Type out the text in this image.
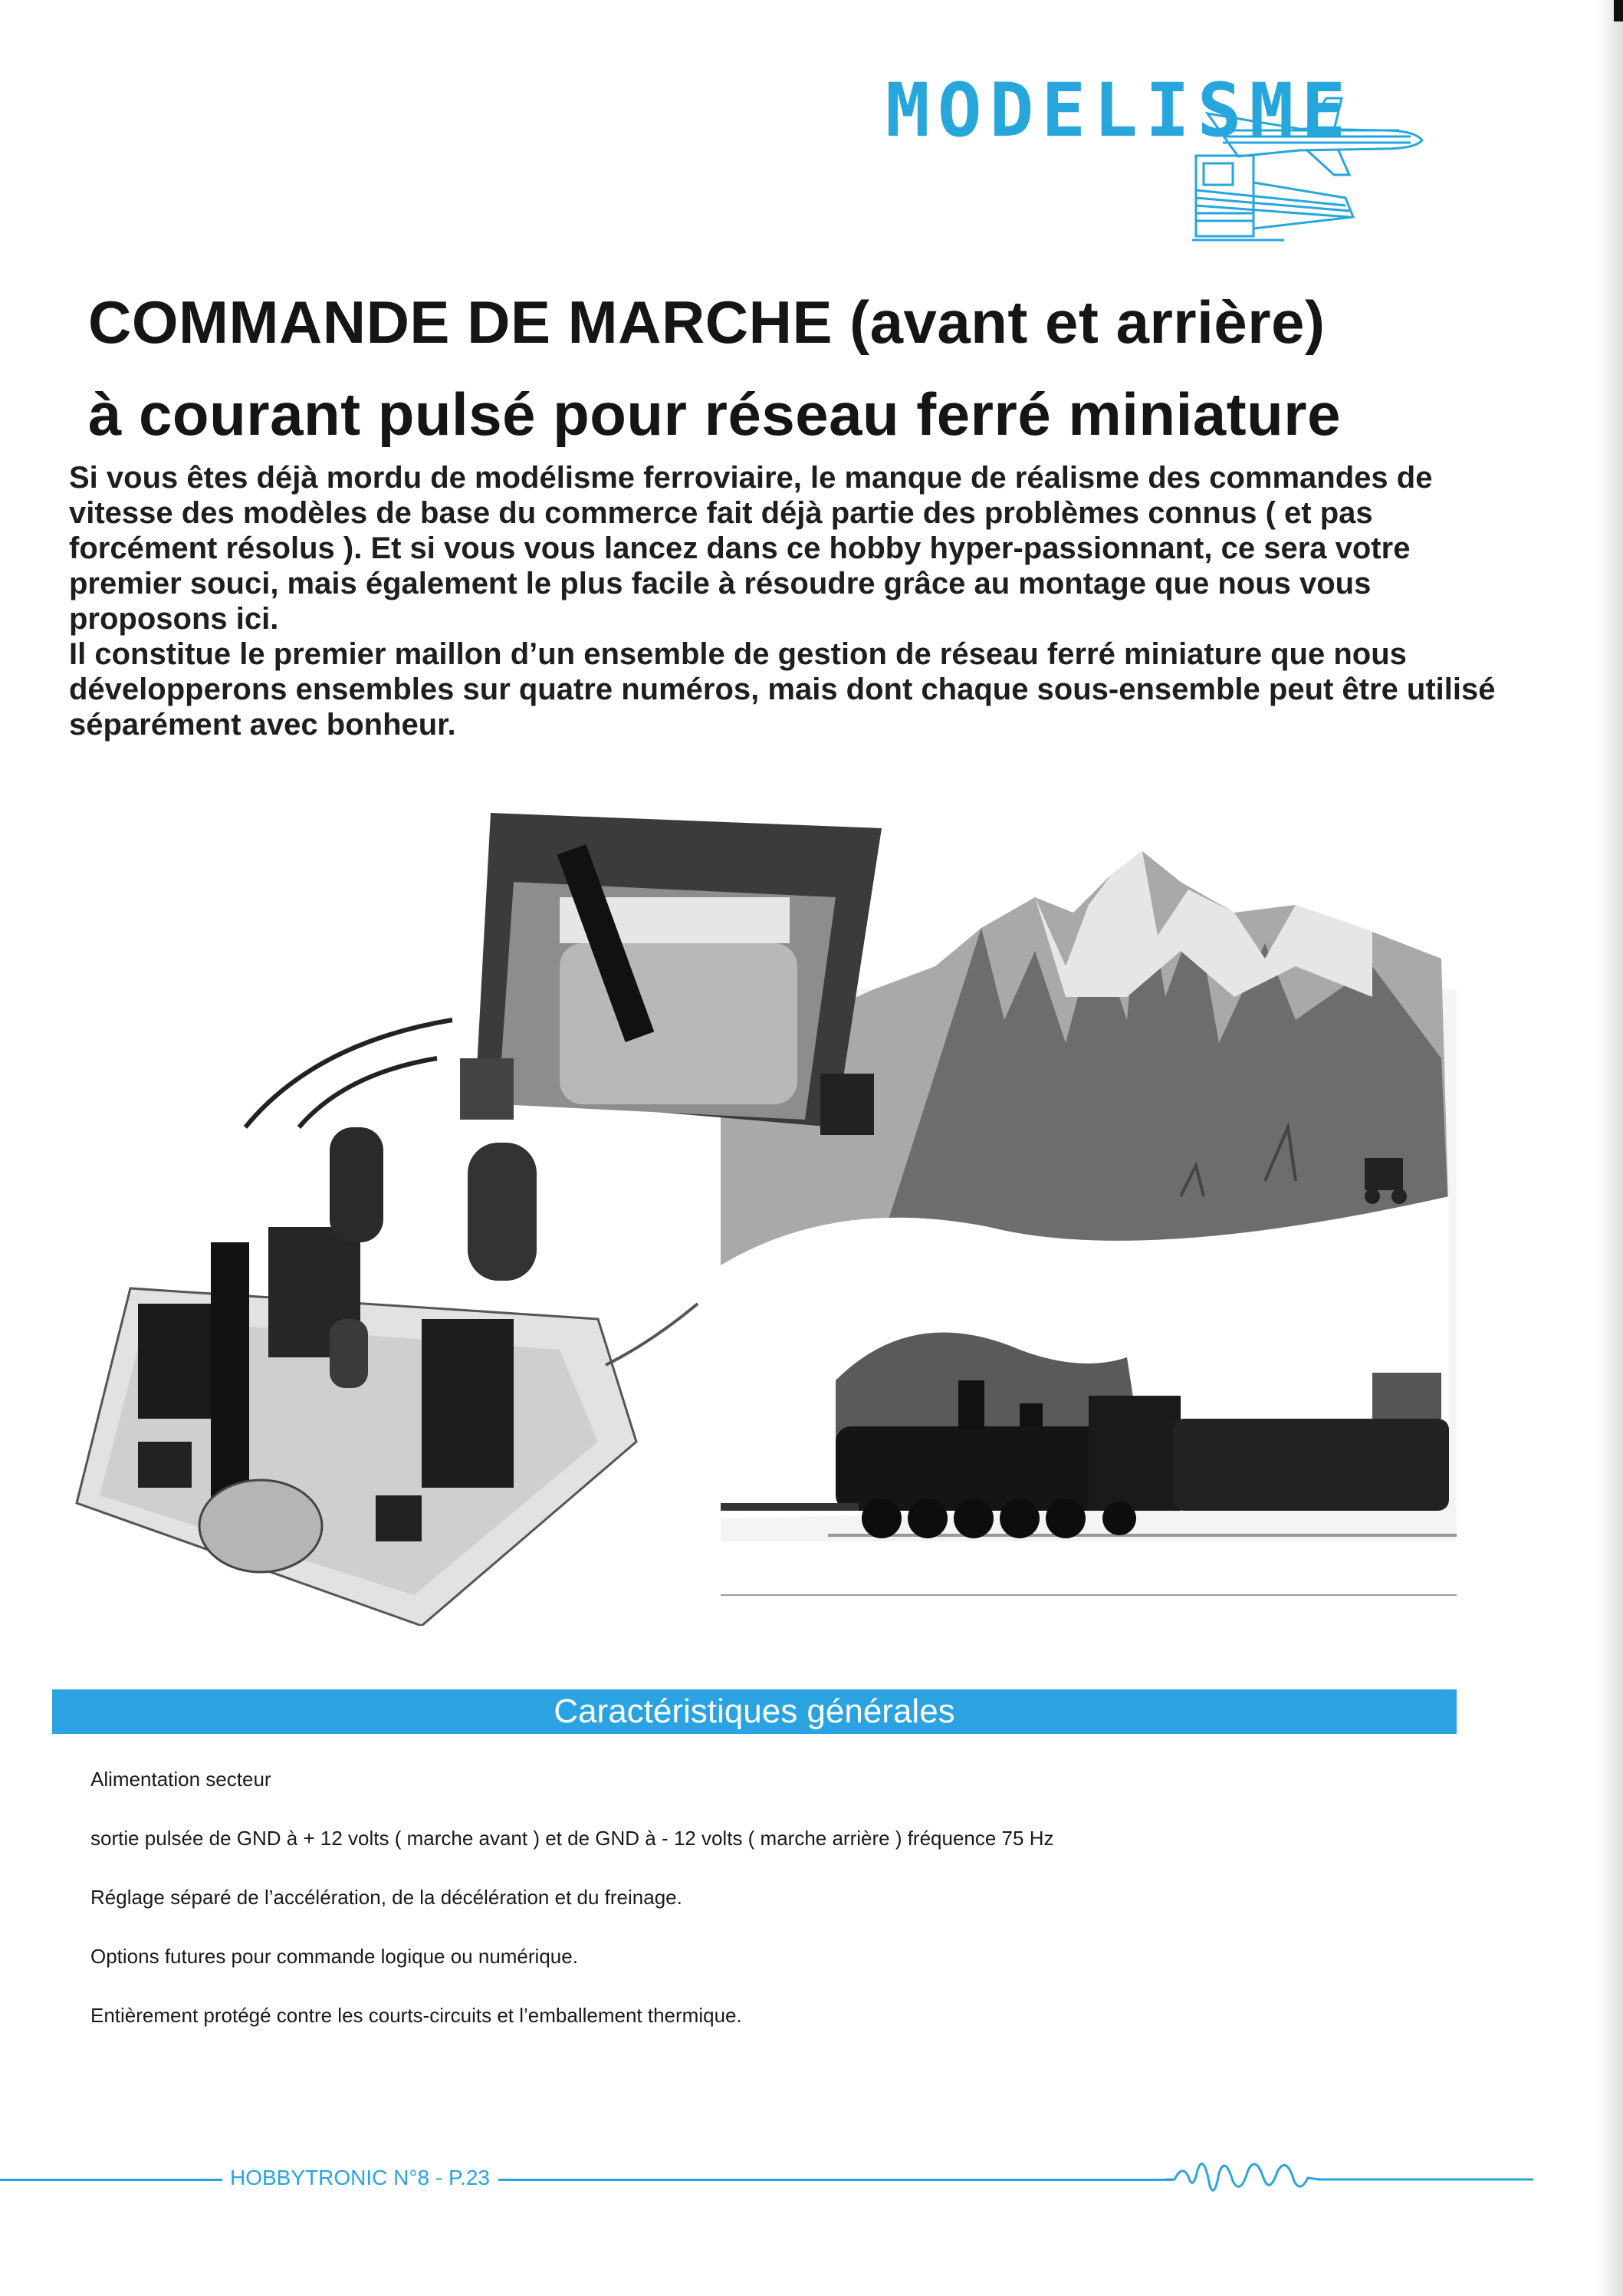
MODELISME
COMMANDE DE MARCHE (avant et arrière)
à courant pulsé pour réseau ferré miniature

Si vous êtes déjà mordu de modélisme ferroviaire, le manque de réalisme des commandes de vitesse des modèles de base du commerce fait déjà partie des problèmes connus ( et pas forcément résolus ). Et si vous vous lancez dans ce hobby hyper-passionnant, ce sera votre premier souci, mais également le plus facile à résoudre grâce au montage que nous vous proposons ici.

Il constitue le premier maillon d’un ensemble de gestion de réseau ferré miniature que nous développerons ensembles sur quatre numéros, mais dont chaque sous-ensemble peut être utilisé séparément avec bonheur.

Caractéristiques générales
Alimentation secteur
sortie pulsée de GND à + 12 volts ( marche avant ) et de GND à - 12 volts ( marche arrière ) fréquence 75 Hz
Réglage séparé de l’accélération, de la décélération et du freinage.
Options futures pour commande logique ou numérique.
Entièrement protégé contre les courts-circuits et l’emballement thermique.
HOBBYTRONIC N°8 - P.23
